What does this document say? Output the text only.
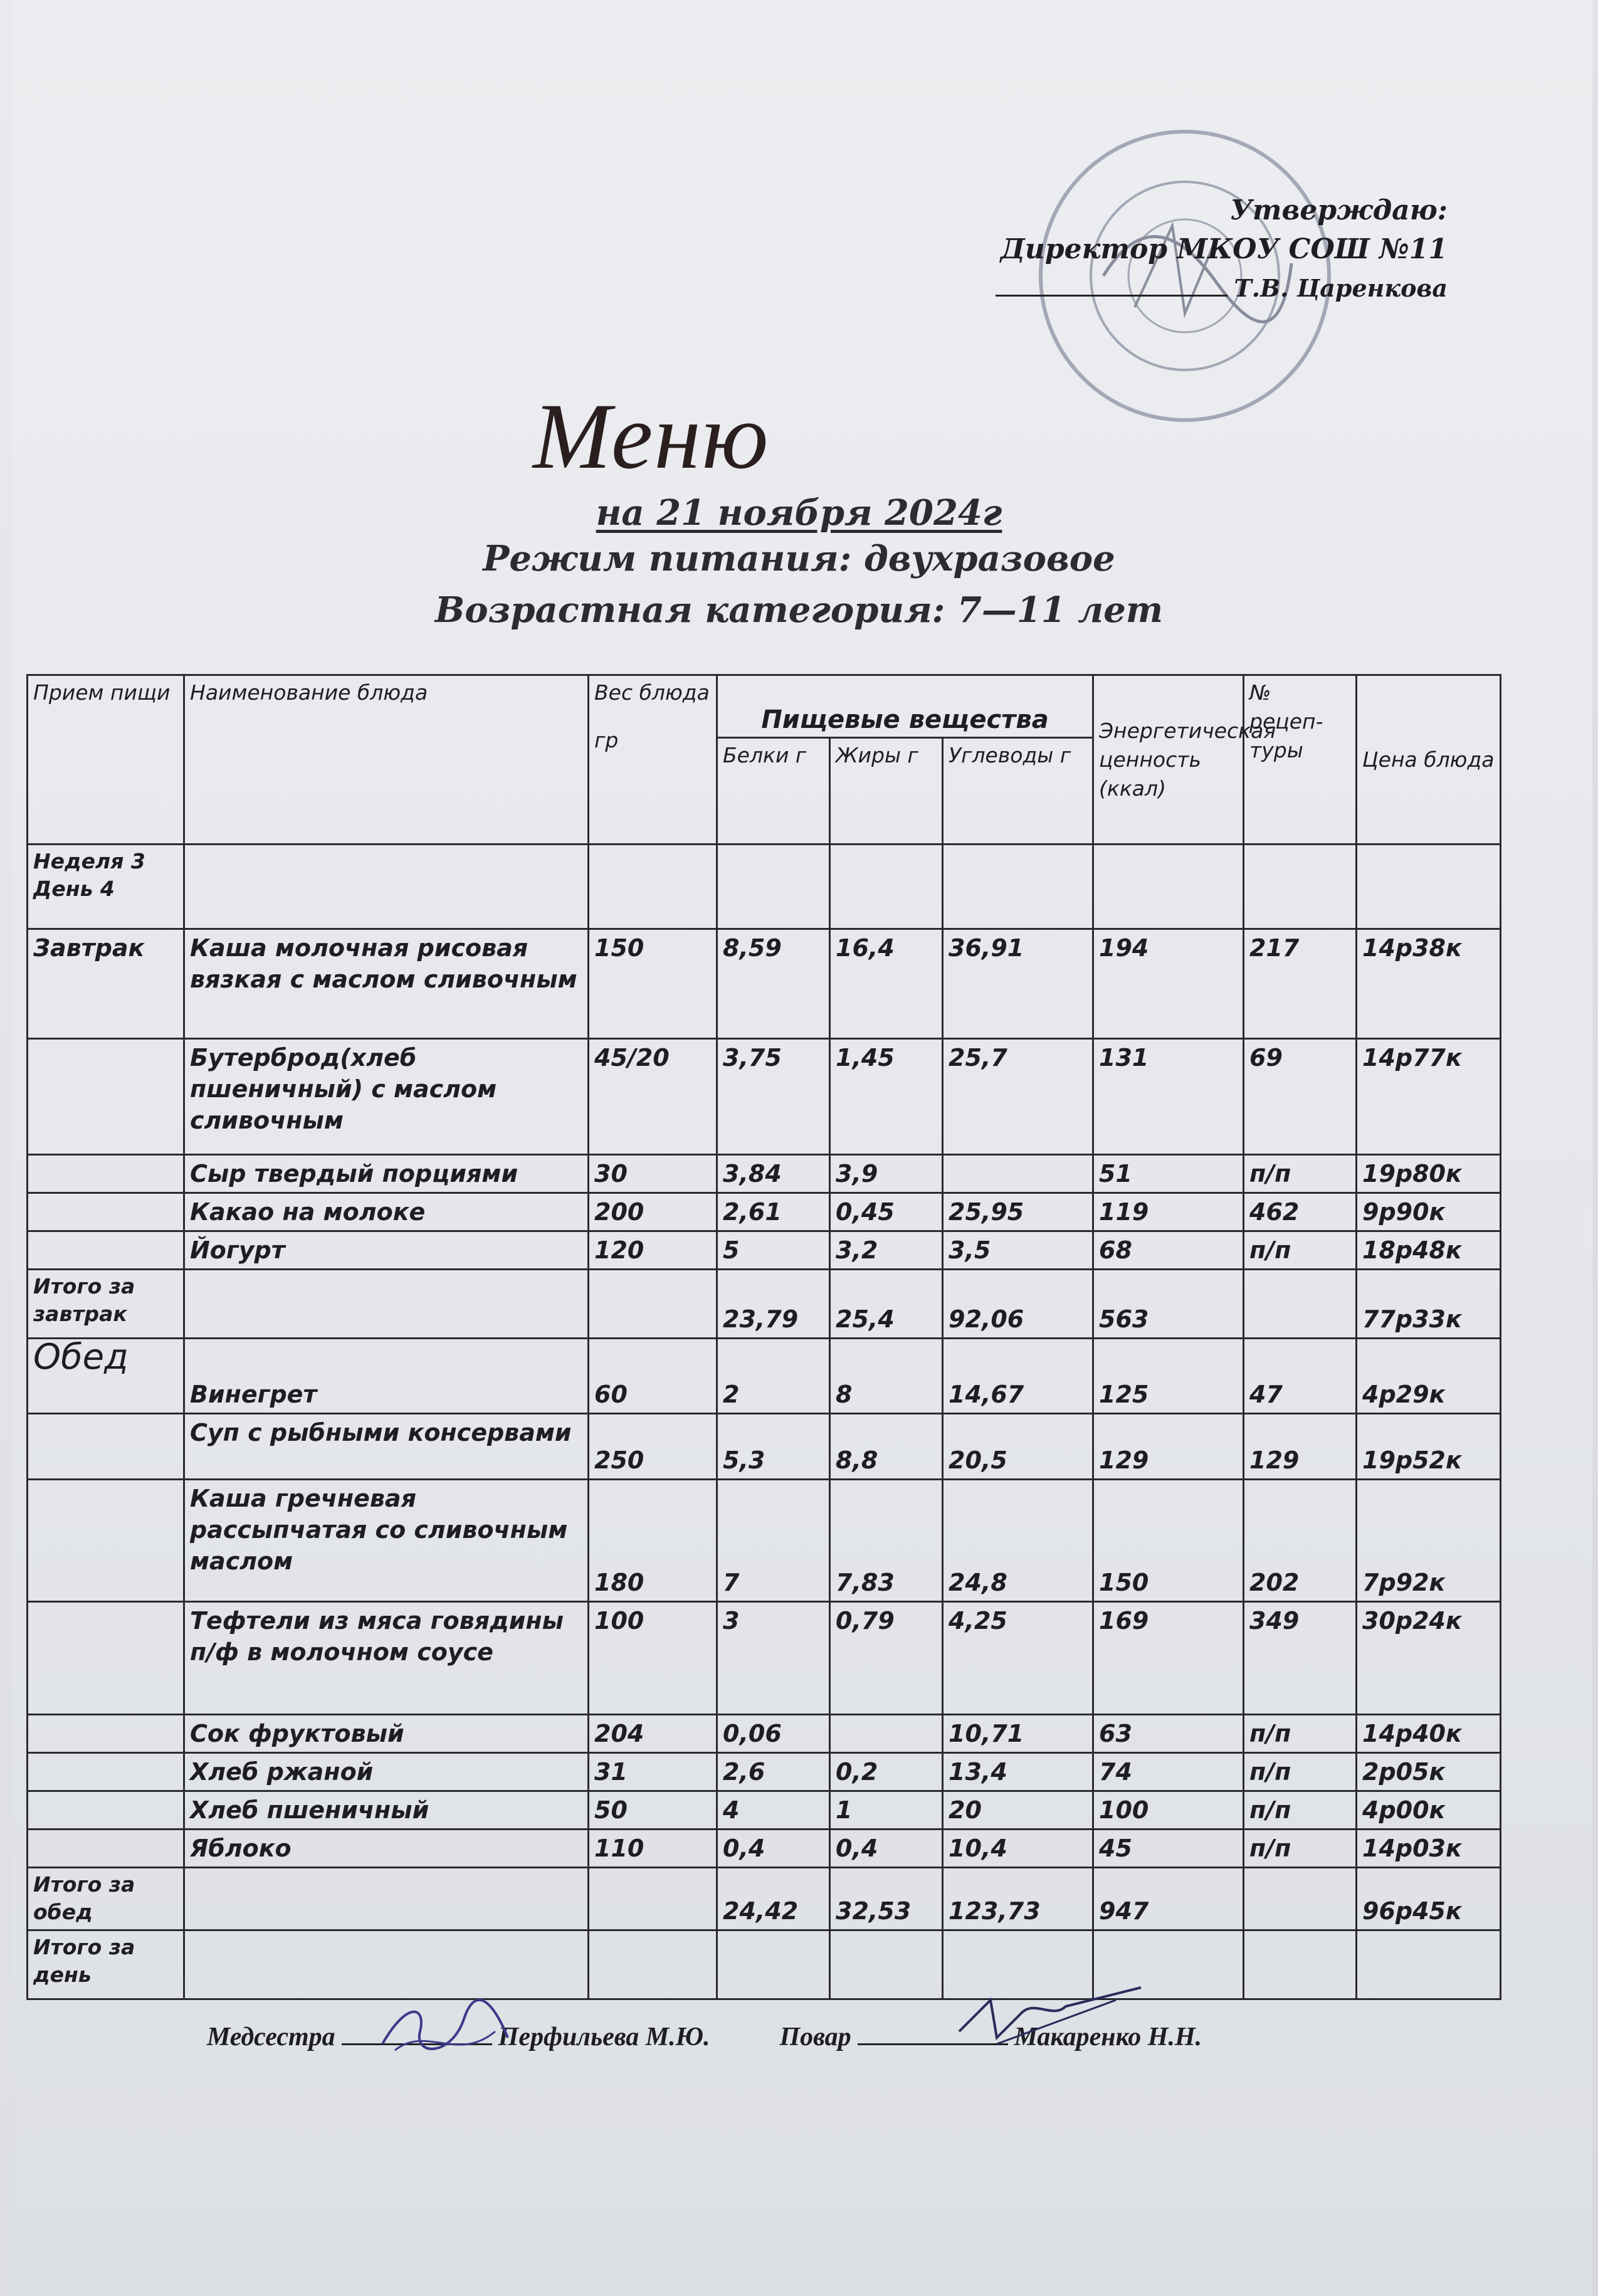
Утверждаю:
Директор МКОУ СОШ №11
Т.В. Царенкова
Меню
на 21 ноября 2024г
Режим питания: двухразовое
Возрастная категория: 7—11 лет
Прием пищи	Наименование блюда	Вес блюда
гр	Пищевые вещества			Энергетическая ценность (ккал)	№ рецеп-туры	Цена блюда
			Белки г	Жиры г	Углеводы г			
Неделя 3 День 4								
Завтрак	Каша молочная рисовая вязкая с маслом сливочным	150	8,59	16,4	36,91	194	217	14р38к
	Бутерброд(хлеб пшеничный) с маслом сливочным	45/20	3,75	1,45	25,7	131	69	14р77к
	Сыр твердый порциями	30	3,84	3,9		51	п/п	19р80к
	Какао на молоке	200	2,61	0,45	25,95	119	462	9р90к
	Йогурт	120	5	3,2	3,5	68	п/п	18р48к
Итого за завтрак			23,79	25,4	92,06	563		77р33к
Обед	Винегрет	60	2	8	14,67	125	47	4р29к
	Суп с рыбными консервами	250	5,3	8,8	20,5	129	129	19р52к
	Каша гречневая рассыпчатая со сливочным маслом	180	7	7,83	24,8	150	202	7р92к
	Тефтели из мяса говядины п/ф в молочном соусе	100	3	0,79	4,25	169	349	30р24к
	Сок фруктовый	204	0,06		10,71	63	п/п	14р40к
	Хлеб ржаной	31	2,6	0,2	13,4	74	п/п	2р05к
	Хлеб пшеничный	50	4	1	20	100	п/п	4р00к
	Яблоко	110	0,4	0,4	10,4	45	п/п	14р03к
Итого за обед			24,42	32,53	123,73	947		96р45к
Итого за день								
Медсестра	Перфильева М.Ю.	Повар	Макаренко Н.Н.
